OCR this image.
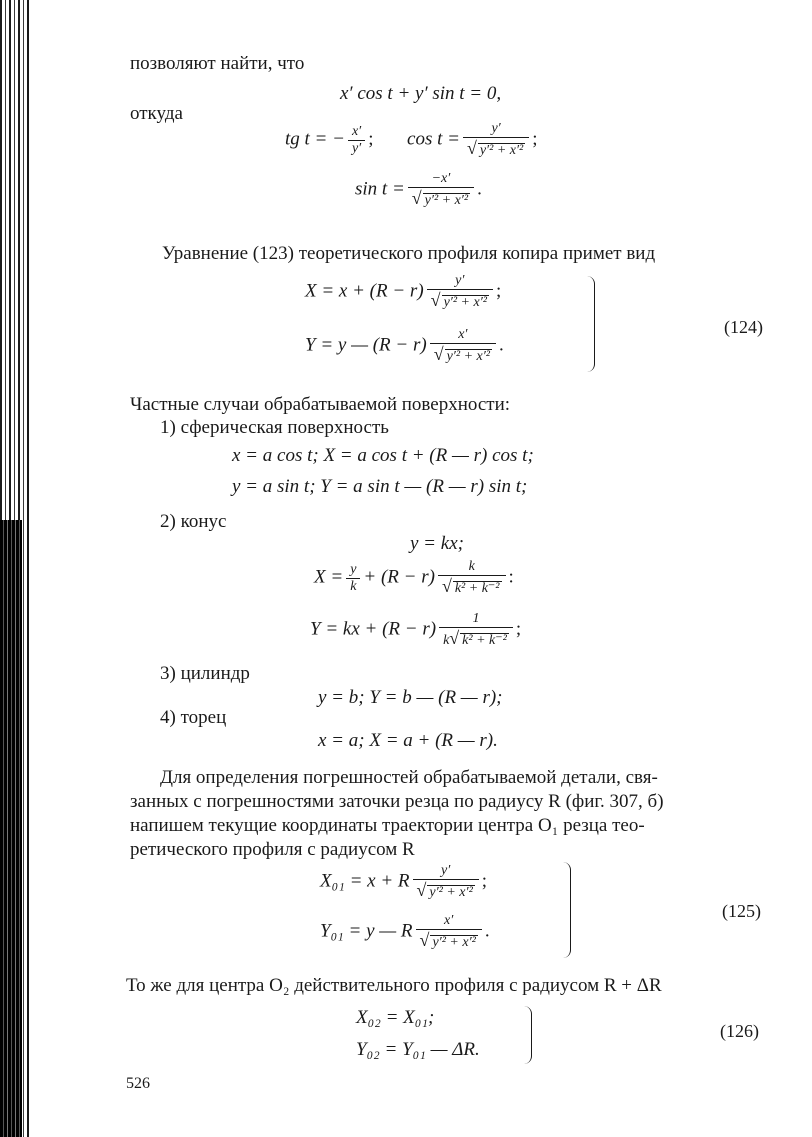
позволяют найти, что
x′ cos t + y′ sin t = 0,
откуда
tg t = − $\frac{x'}{y'}$ ; $\cos t = \frac{y'}{\text{√ y′² + x′²}}$ ;
$\sin t = \frac{-x'}{\text{√ y′² + x′²}}$ .
Уравнение (123) теоретического профиля копира примет вид
$X = x + (R - r) \frac{y'}{\text{√ y′² + x′²}}$ ;
Y = y — $(R - r) \frac{x'}{\text{√ y′² + x′²}}$ .
(124)
Частные случаи обрабатываемой поверхности:
1) сферическая поверхность
x = a cos t; X = a cos t + (R — r) cos t;
y = a sin t; Y = a sin t — (R — r) sin t;
2) конус
y = kx;
$X = \frac{y}{k} + (R - r) \frac{k}{\text{√ k² + k⁻²}}$ :
Y = kx + $(R - r) \frac{1}{\text{k√ k² + k⁻²}}$ ;
3) цилиндр
y = b; Y = b — (R — r);
4) торец
x = a; X = a + (R — r).
Для определения погрешностей обрабатываемой детали, свя-
занных с погрешностями заточки резца по радиусу R (фиг. 307, б)
напишем текущие координаты траектории центра O₁ резца тео-
ретического профиля с радиусом R
X₀₁ = x + R $\frac{y'}{\text{√ y′² + x′²}}$ ;
Y₀₁ = y — R $\frac{x'}{\text{√ y′² + x′²}}$ .
(125)
То же для центра O₂ действительного профиля с радиусом R + ΔR
X₀₂ = X₀₁;
Y₀₂ = Y₀₁ — ΔR.
(126)
526
